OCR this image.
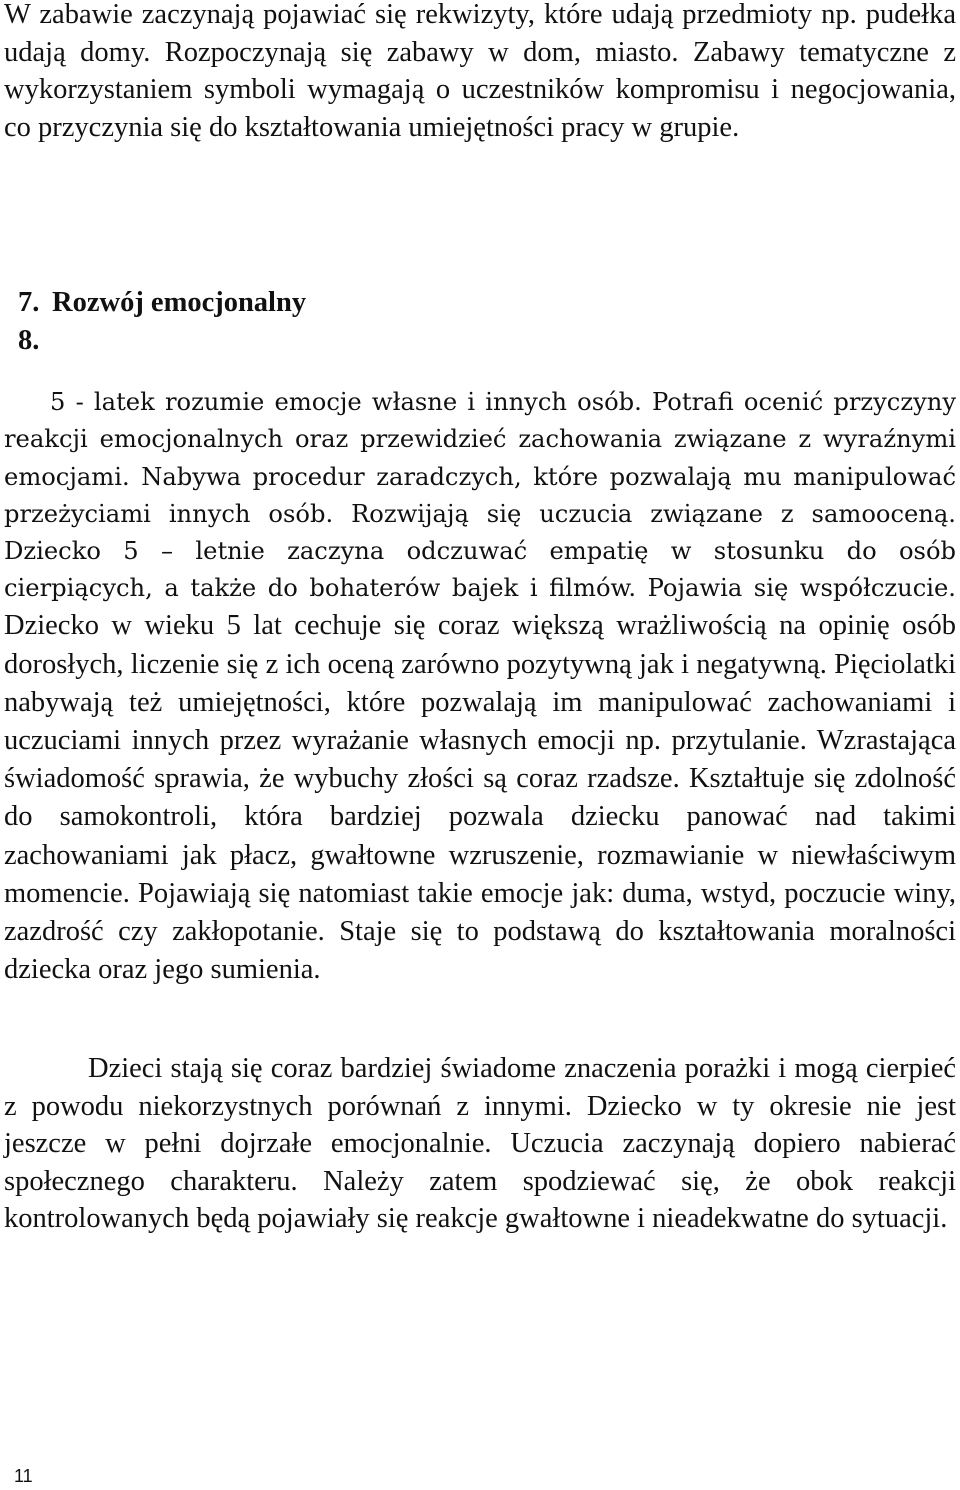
W zabawie zaczynają pojawiać się rekwizyty, które udają przedmioty np. pudełka udają domy. Rozpoczynają się zabawy w dom, miasto. Zabawy tematyczne z wykorzystaniem symboli wymagają o uczestników kompromisu i negocjowania, co przyczynia się do kształtowania umiejętności pracy w grupie.

7. Rozwój emocjonalny
8.

5 - latek rozumie emocje własne i innych osób. Potrafi ocenić przyczyny reakcji emocjonalnych oraz przewidzieć zachowania związane z wyraźnymi emocjami. Nabywa procedur zaradczych, które pozwalają mu manipulować przeżyciami innych osób. Rozwijają się uczucia związane z samooceną. Dziecko 5 – letnie zaczyna odczuwać empatię w stosunku do osób cierpiących, a także do bohaterów bajek i filmów. Pojawia się współczucie. Dziecko w wieku 5 lat cechuje się coraz większą wrażliwością na opinię osób dorosłych, liczenie się z ich oceną zarówno pozytywną jak i negatywną. Pięciolatki nabywają też umiejętności, które pozwalają im manipulować zachowaniami i uczuciami innych przez wyrażanie własnych emocji np. przytulanie. Wzrastająca świadomość sprawia, że wybuchy złości są coraz rzadsze. Kształtuje się zdolność do samokontroli, która bardziej pozwala dziecku panować nad takimi zachowaniami jak płacz, gwałtowne wzruszenie, rozmawianie w niewłaściwym momencie. Pojawiają się natomiast takie emocje jak: duma, wstyd, poczucie winy, zazdrość czy zakłopotanie. Staje się to podstawą do kształtowania moralności dziecka oraz jego sumienia.

Dzieci stają się coraz bardziej świadome znaczenia porażki i mogą cierpieć z powodu niekorzystnych porównań z innymi. Dziecko w ty okresie nie jest jeszcze w pełni dojrzałe emocjonalnie. Uczucia zaczynają dopiero nabierać społecznego charakteru. Należy zatem spodziewać się, że obok reakcji kontrolowanych będą pojawiały się reakcje gwałtowne i nieadekwatne do sytuacji.

11
